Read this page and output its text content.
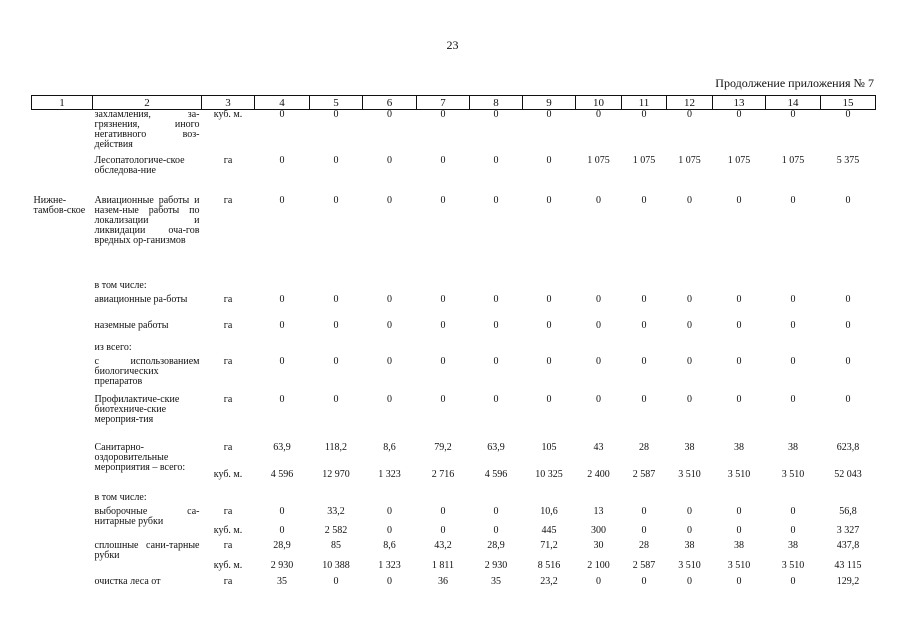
23
Продолжение приложения № 7
1	2	3	4	5	6	7	8	9	10	11	12	13	14	15
	захламления, за-грязнения, иного негативного воз-действия	куб. м.	0	0	0	0	0	0	0	0	0	0	0	0
	Лесопатологиче-ское обследова-ние	га	0	0	0	0	0	0	1 075	1 075	1 075	1 075	1 075	5 375
Нижне-тамбов-ское	Авиационные работы и назем-ные работы по локализации и ликвидации оча-гов вредных ор-ганизмов	га	0	0	0	0	0	0	0	0	0	0	0	0
	в том числе:													
	авиационные ра-боты	га	0	0	0	0	0	0	0	0	0	0	0	0
	наземные работы	га	0	0	0	0	0	0	0	0	0	0	0	0
	из всего:													
	с использованием биологических препаратов	га	0	0	0	0	0	0	0	0	0	0	0	0
	Профилактиче-ские биотехниче-ские мероприя-тия	га	0	0	0	0	0	0	0	0	0	0	0	0
	Санитарно-оздоровительные мероприятия – всего:	га	63,9	118,2	8,6	79,2	63,9	105	43	28	38	38	38	623,8
		куб. м.	4 596	12 970	1 323	2 716	4 596	10 325	2 400	2 587	3 510	3 510	3 510	52 043
	в том числе:													
	выборочные са-нитарные рубки	га	0	33,2	0	0	0	10,6	13	0	0	0	0	56,8
		куб. м.	0	2 582	0	0	0	445	300	0	0	0	0	3 327
	сплошные сани-тарные рубки	га	28,9	85	8,6	43,2	28,9	71,2	30	28	38	38	38	437,8
		куб. м.	2 930	10 388	1 323	1 811	2 930	8 516	2 100	2 587	3 510	3 510	3 510	43 115
	очистка леса от	га	35	0	0	36	35	23,2	0	0	0	0	0	129,2
